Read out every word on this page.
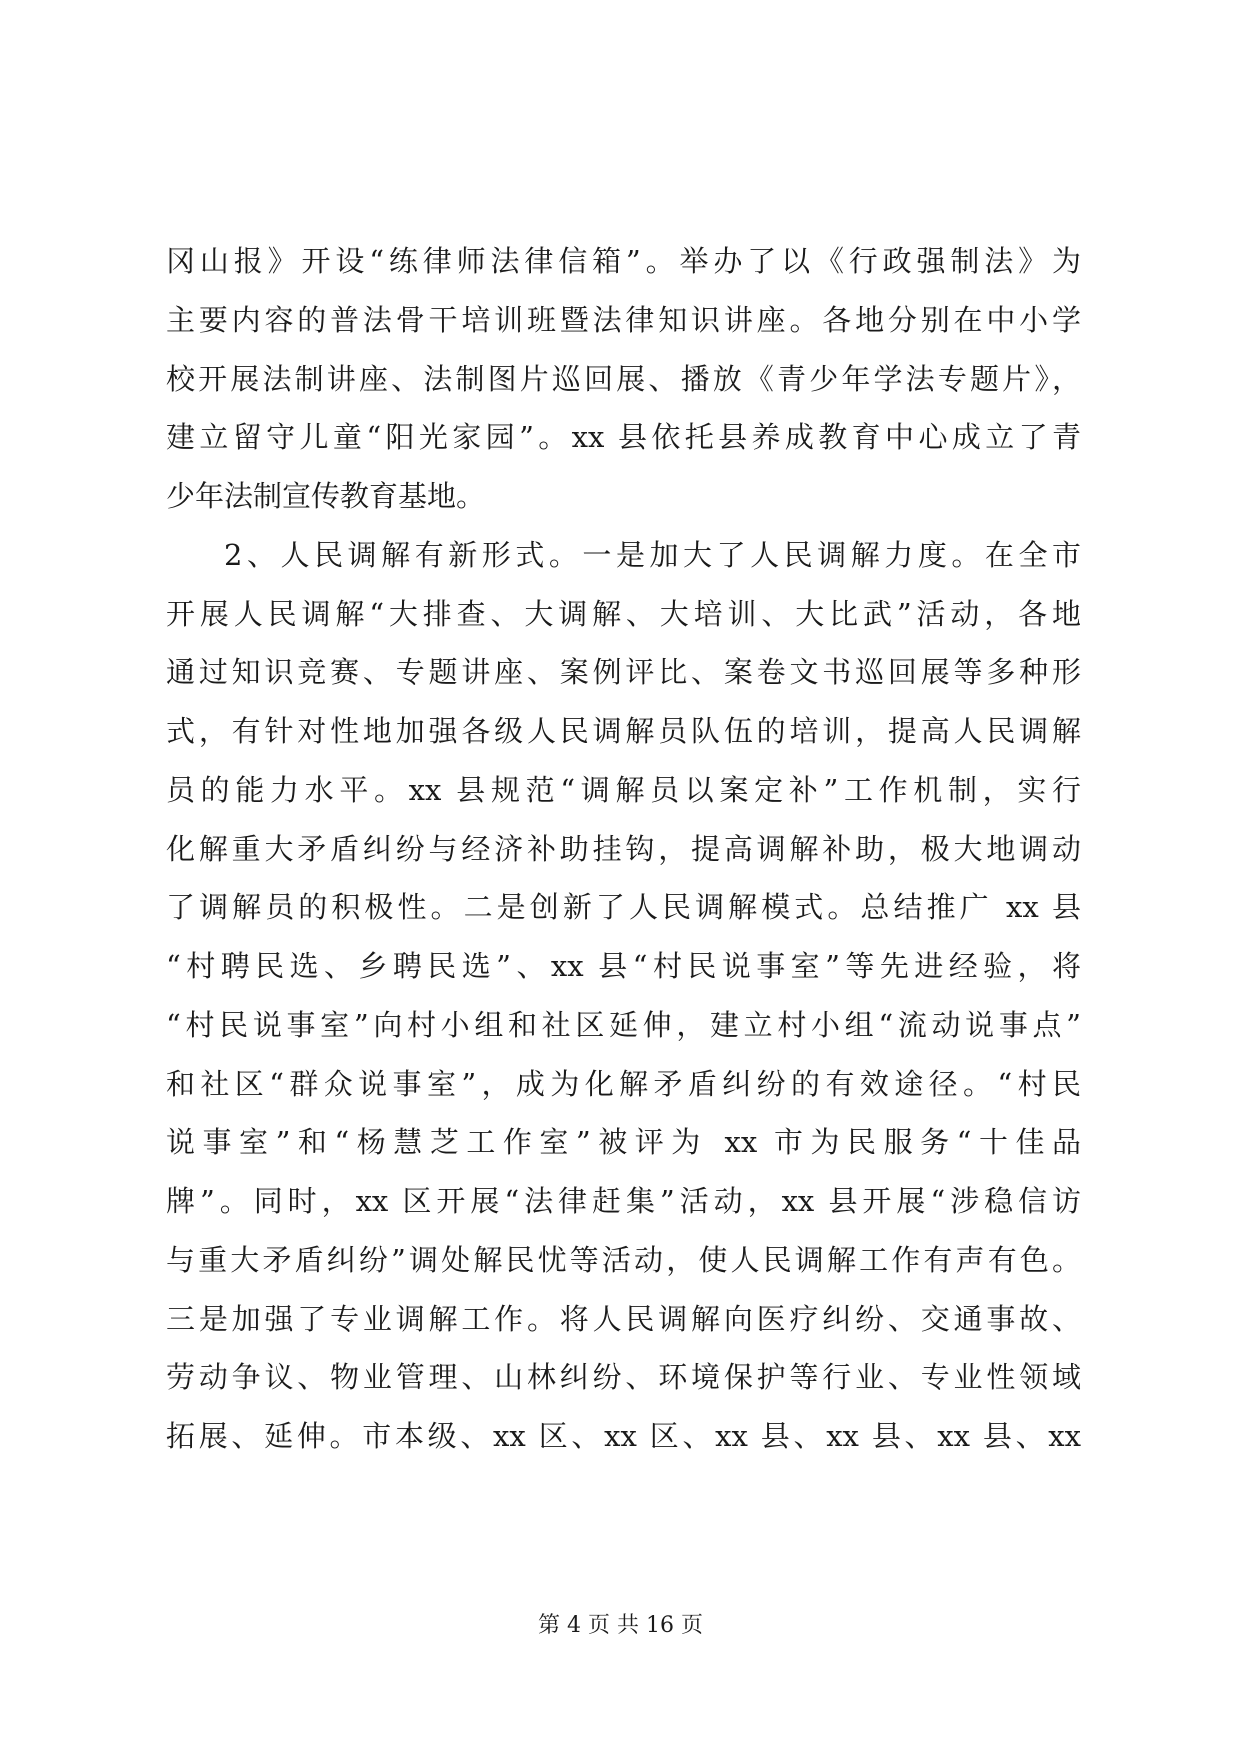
冈山报》开设“练律师法律信箱”。举办了以《行政强制法》为
主要内容的普法骨干培训班暨法律知识讲座。各地分别在中小学
校开展法制讲座、法制图片巡回展、播放《青少年学法专题片》，
建立留守儿童“阳光家园”。xx 县依托县养成教育中心成立了青
少年法制宣传教育基地。
2、人民调解有新形式。一是加大了人民调解力度。在全市
开展人民调解“大排查、大调解、大培训、大比武”活动，各地
通过知识竞赛、专题讲座、案例评比、案卷文书巡回展等多种形
式，有针对性地加强各级人民调解员队伍的培训，提高人民调解
员的能力水平。xx 县规范“调解员以案定补”工作机制，实行
化解重大矛盾纠纷与经济补助挂钩，提高调解补助，极大地调动
了调解员的积极性。二是创新了人民调解模式。总结推广 xx 县
“村聘民选、乡聘民选”、xx 县“村民说事室”等先进经验，将
“村民说事室”向村小组和社区延伸，建立村小组“流动说事点”
和社区“群众说事室”，成为化解矛盾纠纷的有效途径。“村民
说事室”和“杨慧芝工作室”被评为 xx 市为民服务“十佳品
牌”。同时，xx 区开展“法律赶集”活动，xx 县开展“涉稳信访
与重大矛盾纠纷”调处解民忧等活动，使人民调解工作有声有色。
三是加强了专业调解工作。将人民调解向医疗纠纷、交通事故、
劳动争议、物业管理、山林纠纷、环境保护等行业、专业性领域
拓展、延伸。市本级、xx 区、xx 区、xx 县、xx 县、xx 县、xx
第 4 页 共 16 页
